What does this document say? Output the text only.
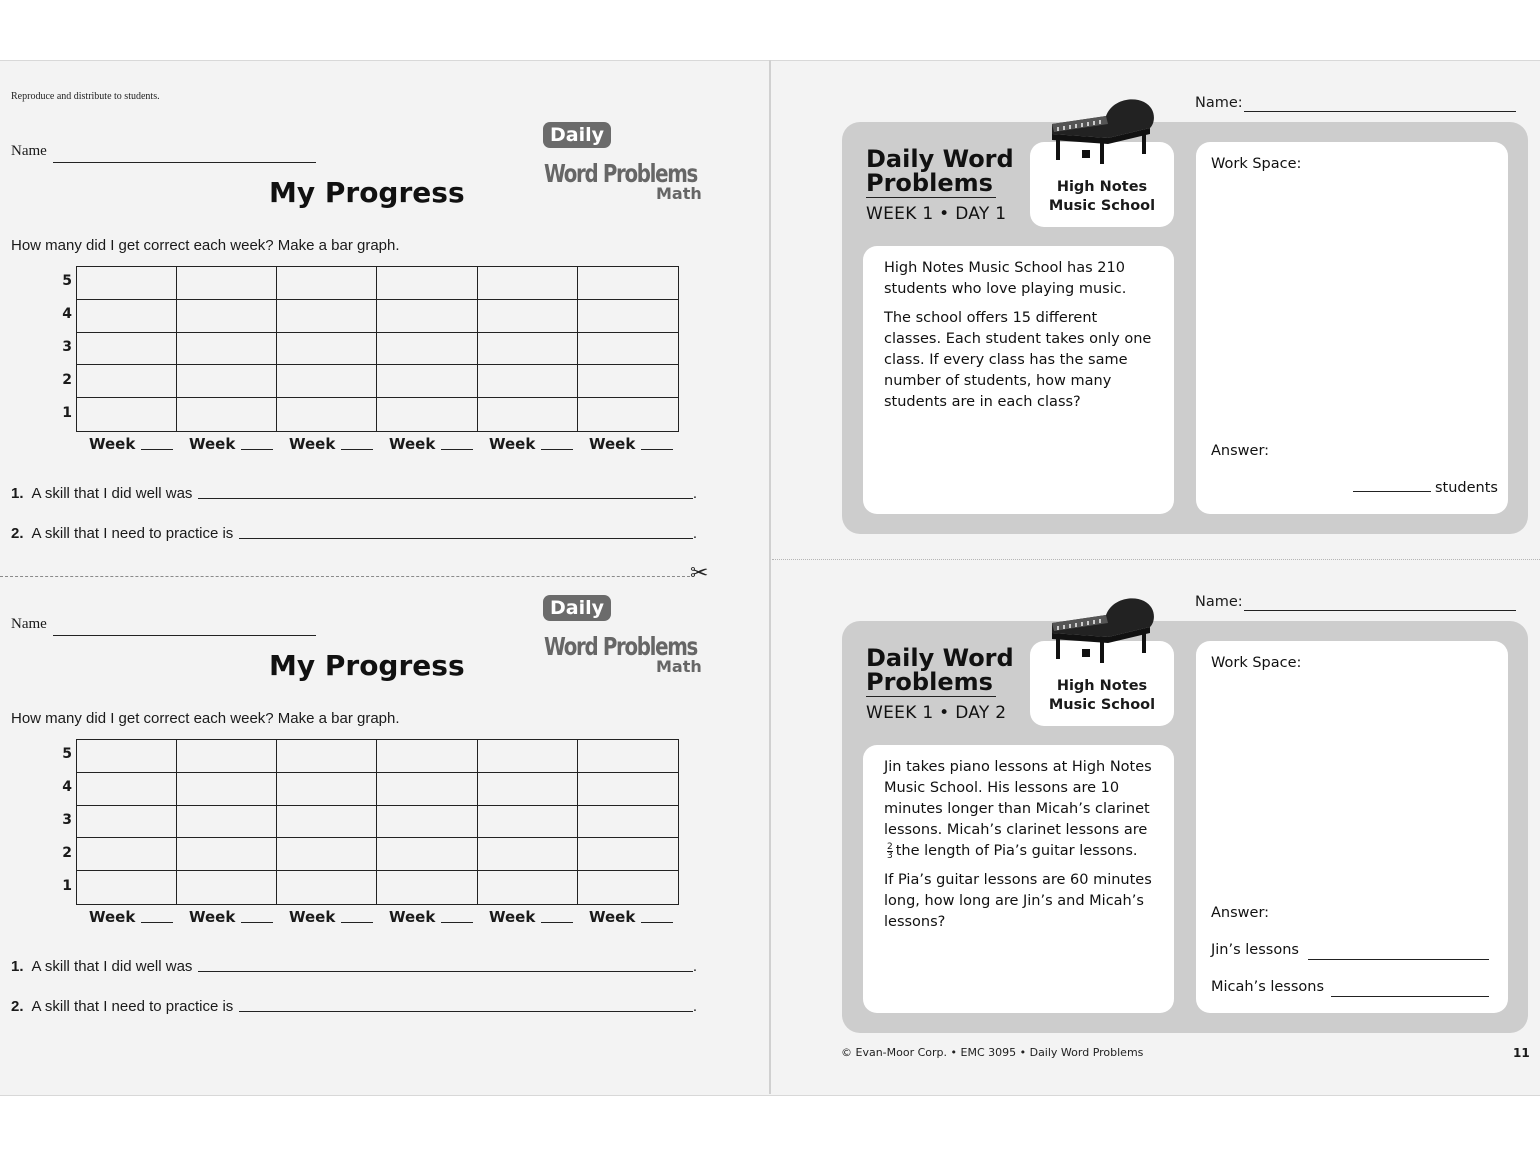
✂
Reproduce and distribute to students.
Name
My Progress
Daily
Word Problems
Math
How many did I get correct each week? Make a bar graph.
5
4
3
2
1
Week	Week	Week	Week	Week	Week
1. A skill that I did well was	.
2. A skill that I need to practice is	.
Name
My Progress
Daily
Word Problems
Math
How many did I get correct each week? Make a bar graph.
5
4
3
2
1
Week	Week	Week	Week	Week	Week
1. A skill that I did well was	.
2. A skill that I need to practice is	.
Name:
Daily Word
Problems
WEEK 1 • DAY 1
High Notes
Music School

High Notes Music School has 210 students who love playing music.

The school offers 15 different classes. Each student takes only one class. If every class has the same number of students, how many students are in each class?

Work Space:
Answer:
students
Name:
Daily Word
Problems
WEEK 1 • DAY 2
High Notes
Music School

Jin takes piano lessons at High Notes Music School. His lessons are 10 minutes longer than Micah’s clarinet lessons. Micah’s clarinet lessons are
$\frac{2}{3}$ the length of Pia’s guitar lessons.

If Pia’s guitar lessons are 60 minutes long, how long are Jin’s and Micah’s lessons?

Work Space:
Answer:
Jin’s lessons
Micah’s lessons
© Evan-Moor Corp. • EMC 3095 • Daily Word Problems	11
